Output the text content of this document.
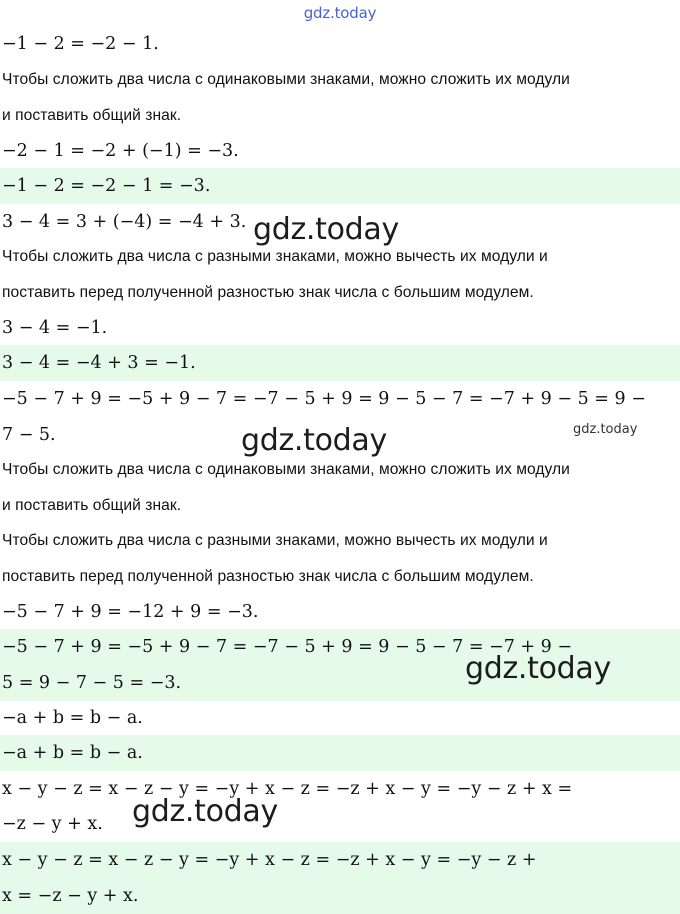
gdz.today
−1 − 2 = −2 − 1.
Чтобы сложить два числа с одинаковыми знаками, можно сложить их модули
и поставить общий знак.
−2 − 1 = −2 + (−1) = −3.
−1 − 2 = −2 − 1 = −3.
3 − 4 = 3 + (−4) = −4 + 3.
Чтобы сложить два числа с разными знаками, можно вычесть их модули и
поставить перед полученной разностью знак числа с большим модулем.
3 − 4 = −1.
3 − 4 = −4 + 3 = −1.
−5 − 7 + 9 = −5 + 9 − 7 = −7 − 5 + 9 = 9 − 5 − 7 = −7 + 9 − 5 = 9 −
7 − 5.
Чтобы сложить два числа с одинаковыми знаками, можно сложить их модули
и поставить общий знак.
Чтобы сложить два числа с разными знаками, можно вычесть их модули и
поставить перед полученной разностью знак числа с большим модулем.
−5 − 7 + 9 = −12 + 9 = −3.
−5 − 7 + 9 = −5 + 9 − 7 = −7 − 5 + 9 = 9 − 5 − 7 = −7 + 9 −
5 = 9 − 7 − 5 = −3.
−a + b = b − a.
−a + b = b − a.
x − y − z = x − z − y = −y + x − z = −z + x − y = −y − z + x =
−z − y + x.
x − y − z = x − z − y = −y + x − z = −z + x − y = −y − z +
x = −z − y + x.
gdz.today
gdz.today	gdz.today
gdz.today
gdz.today
